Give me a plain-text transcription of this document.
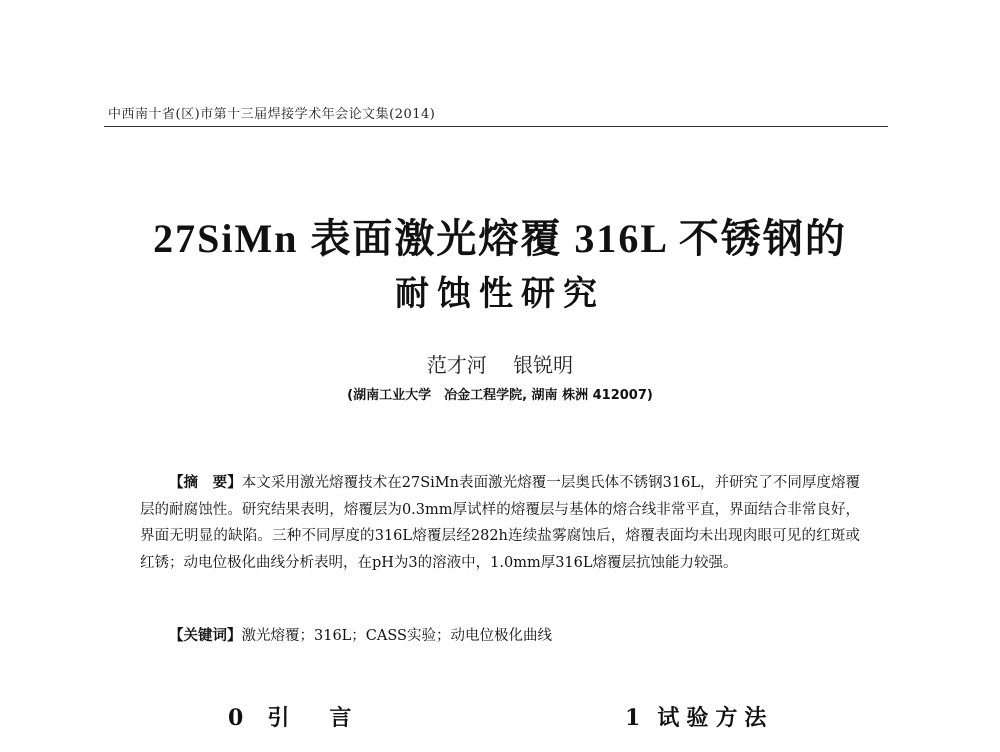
中西南十省(区)市第十三届焊接学术年会论文集(2014)
27SiMn 表面激光熔覆 316L 不锈钢的
耐蚀性研究
范才河 银锐明
(湖南工业大学　冶金工程学院, 湖南 株洲 412007)
【摘　要】本文采用激光熔覆技术在27SiMn表面激光熔覆一层奥氏体不锈钢316L，并研究了不同厚度熔覆层的耐腐蚀性。研究结果表明，熔覆层为0.3mm厚试样的熔覆层与基体的熔合线非常平直，界面结合非常良好，界面无明显的缺陷。三种不同厚度的316L熔覆层经282h连续盐雾腐蚀后，熔覆表面均未出现肉眼可见的红斑或红锈；动电位极化曲线分析表明，在pH为3的溶液中，1.0mm厚316L熔覆层抗蚀能力较强。
【关键词】激光熔覆；316L；CASS实验；动电位极化曲线
0 引 言	1 试验方法
